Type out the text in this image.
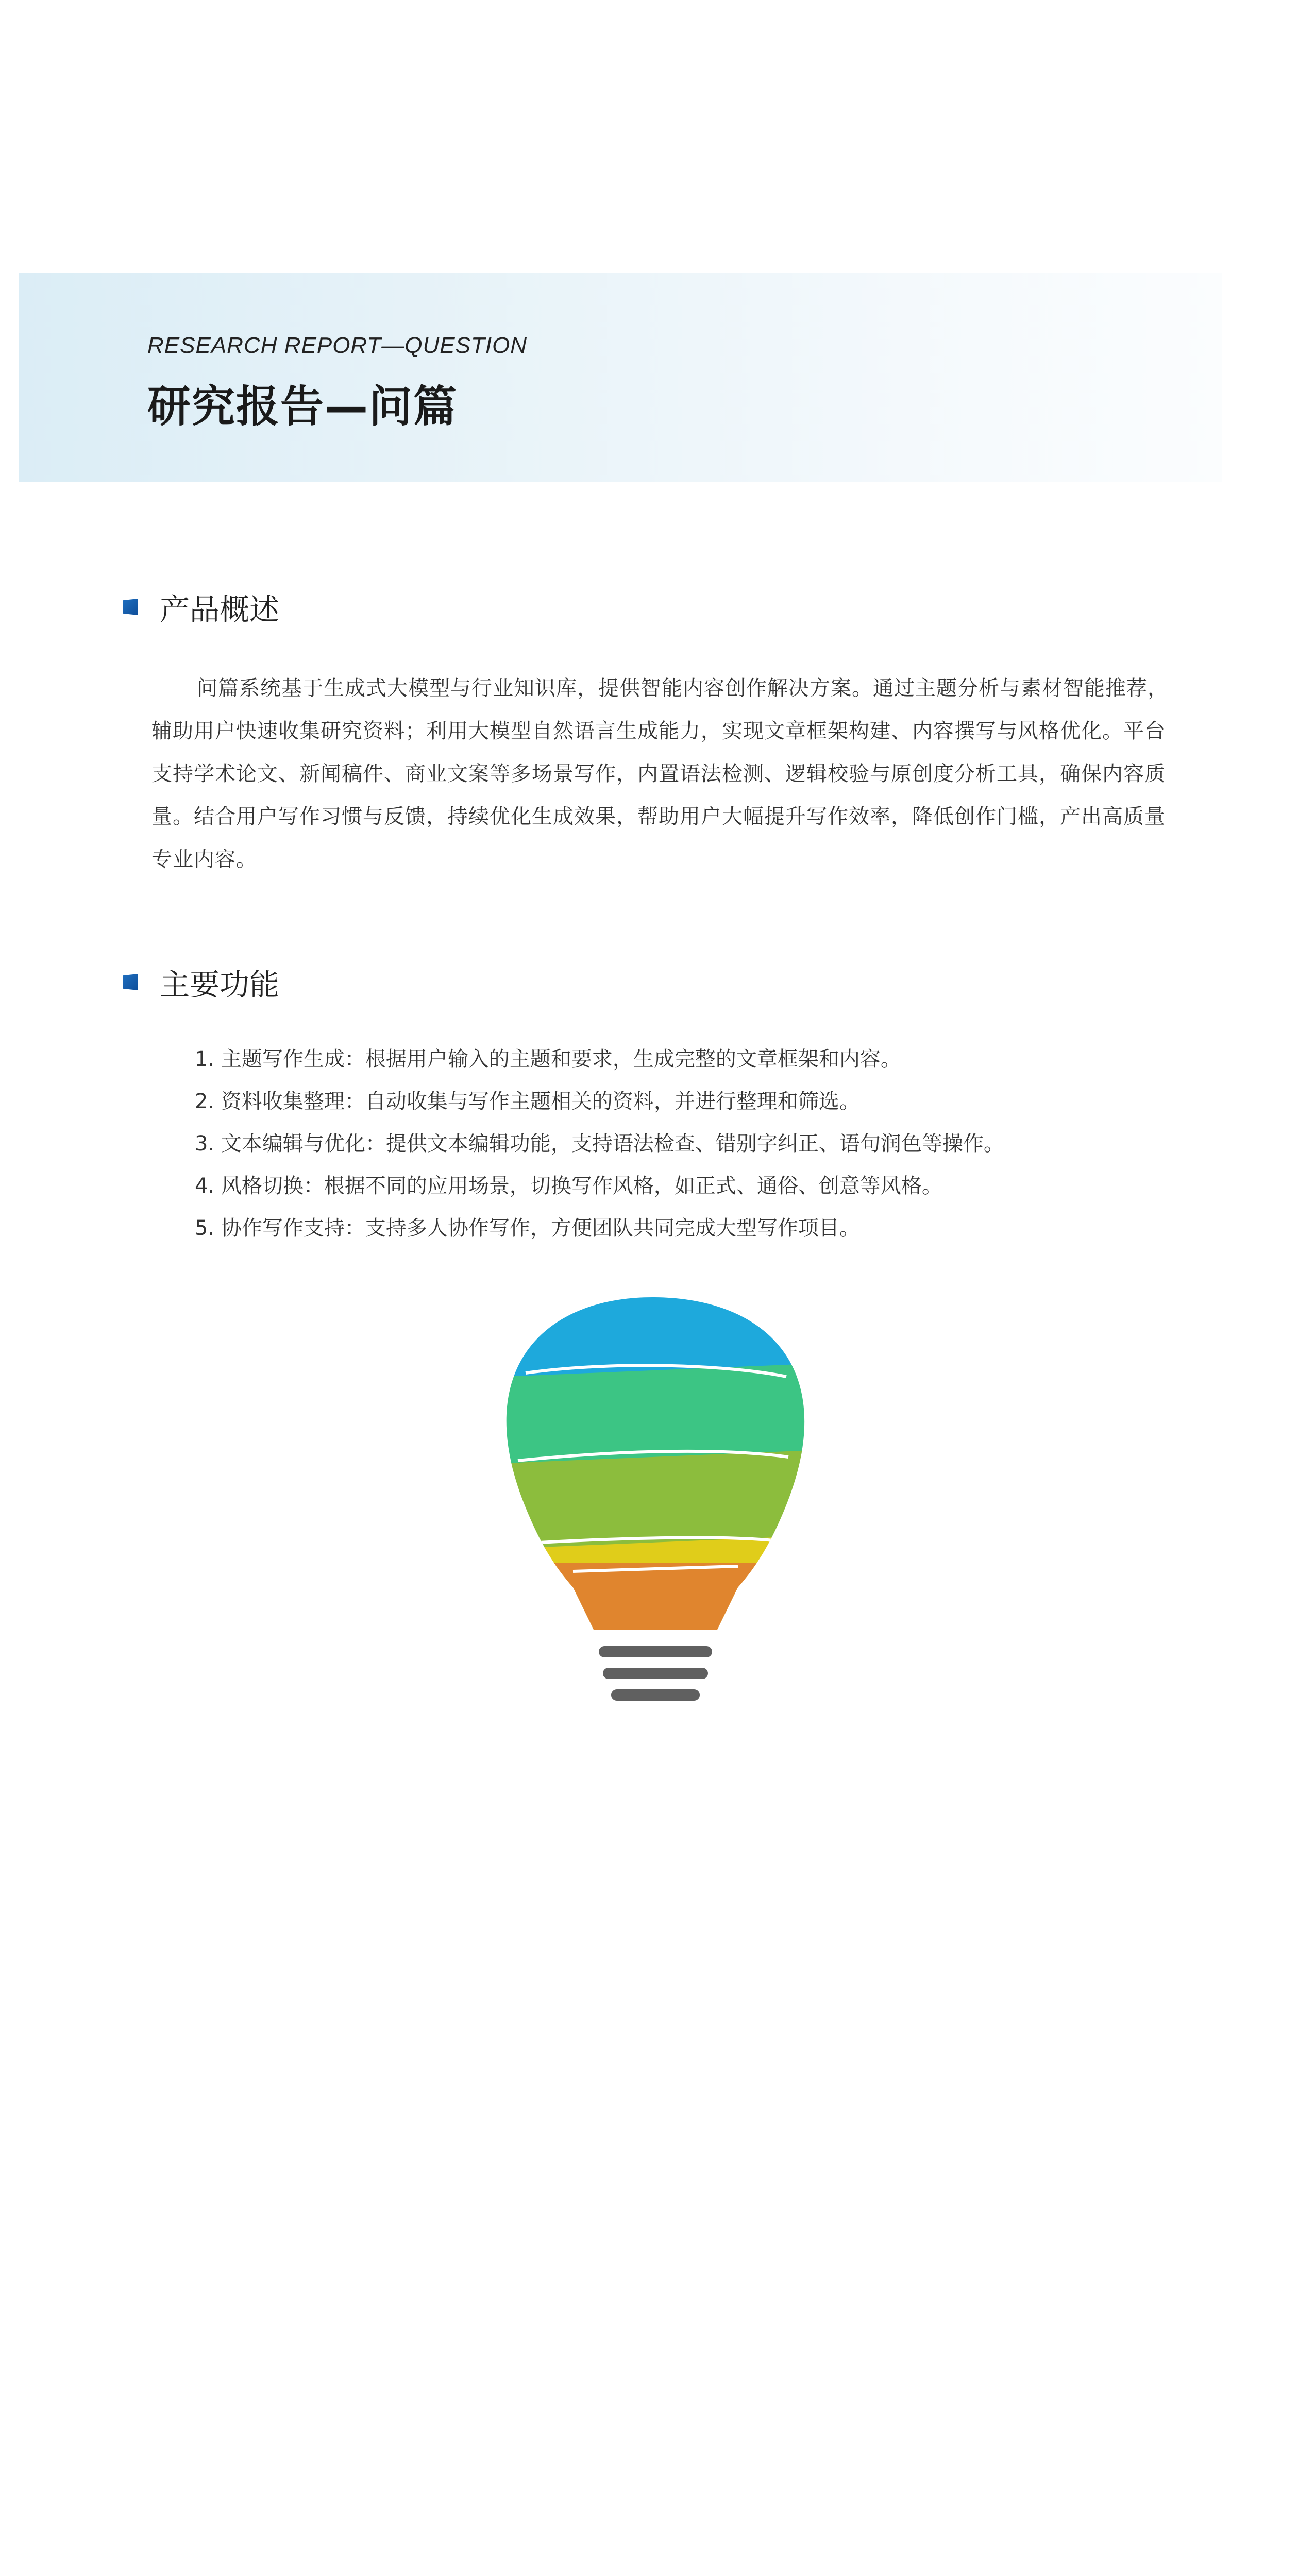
RESEARCH REPORT—QUESTION
研究报告—问篇
产品概述

问篇系统基于生成式大模型与行业知识库，提供智能内容创作解决方案。通过主题分析与素材智能推荐，辅助用户快速收集研究资料；利用大模型自然语言生成能力，实现文章框架构建、内容撰写与风格优化。平台支持学术论文、新闻稿件、商业文案等多场景写作，内置语法检测、逻辑校验与原创度分析工具，确保内容质量。结合用户写作习惯与反馈，持续优化生成效果，帮助用户大幅提升写作效率，降低创作门槛，产出高质量专业内容。

主要功能
1. 主题写作生成：根据用户输入的主题和要求，生成完整的文章框架和内容。
2. 资料收集整理：自动收集与写作主题相关的资料，并进行整理和筛选。
3. 文本编辑与优化：提供文本编辑功能，支持语法检查、错别字纠正、语句润色等操作。
4. 风格切换：根据不同的应用场景，切换写作风格，如正式、通俗、创意等风格。
5. 协作写作支持：支持多人协作写作，方便团队共同完成大型写作项目。
